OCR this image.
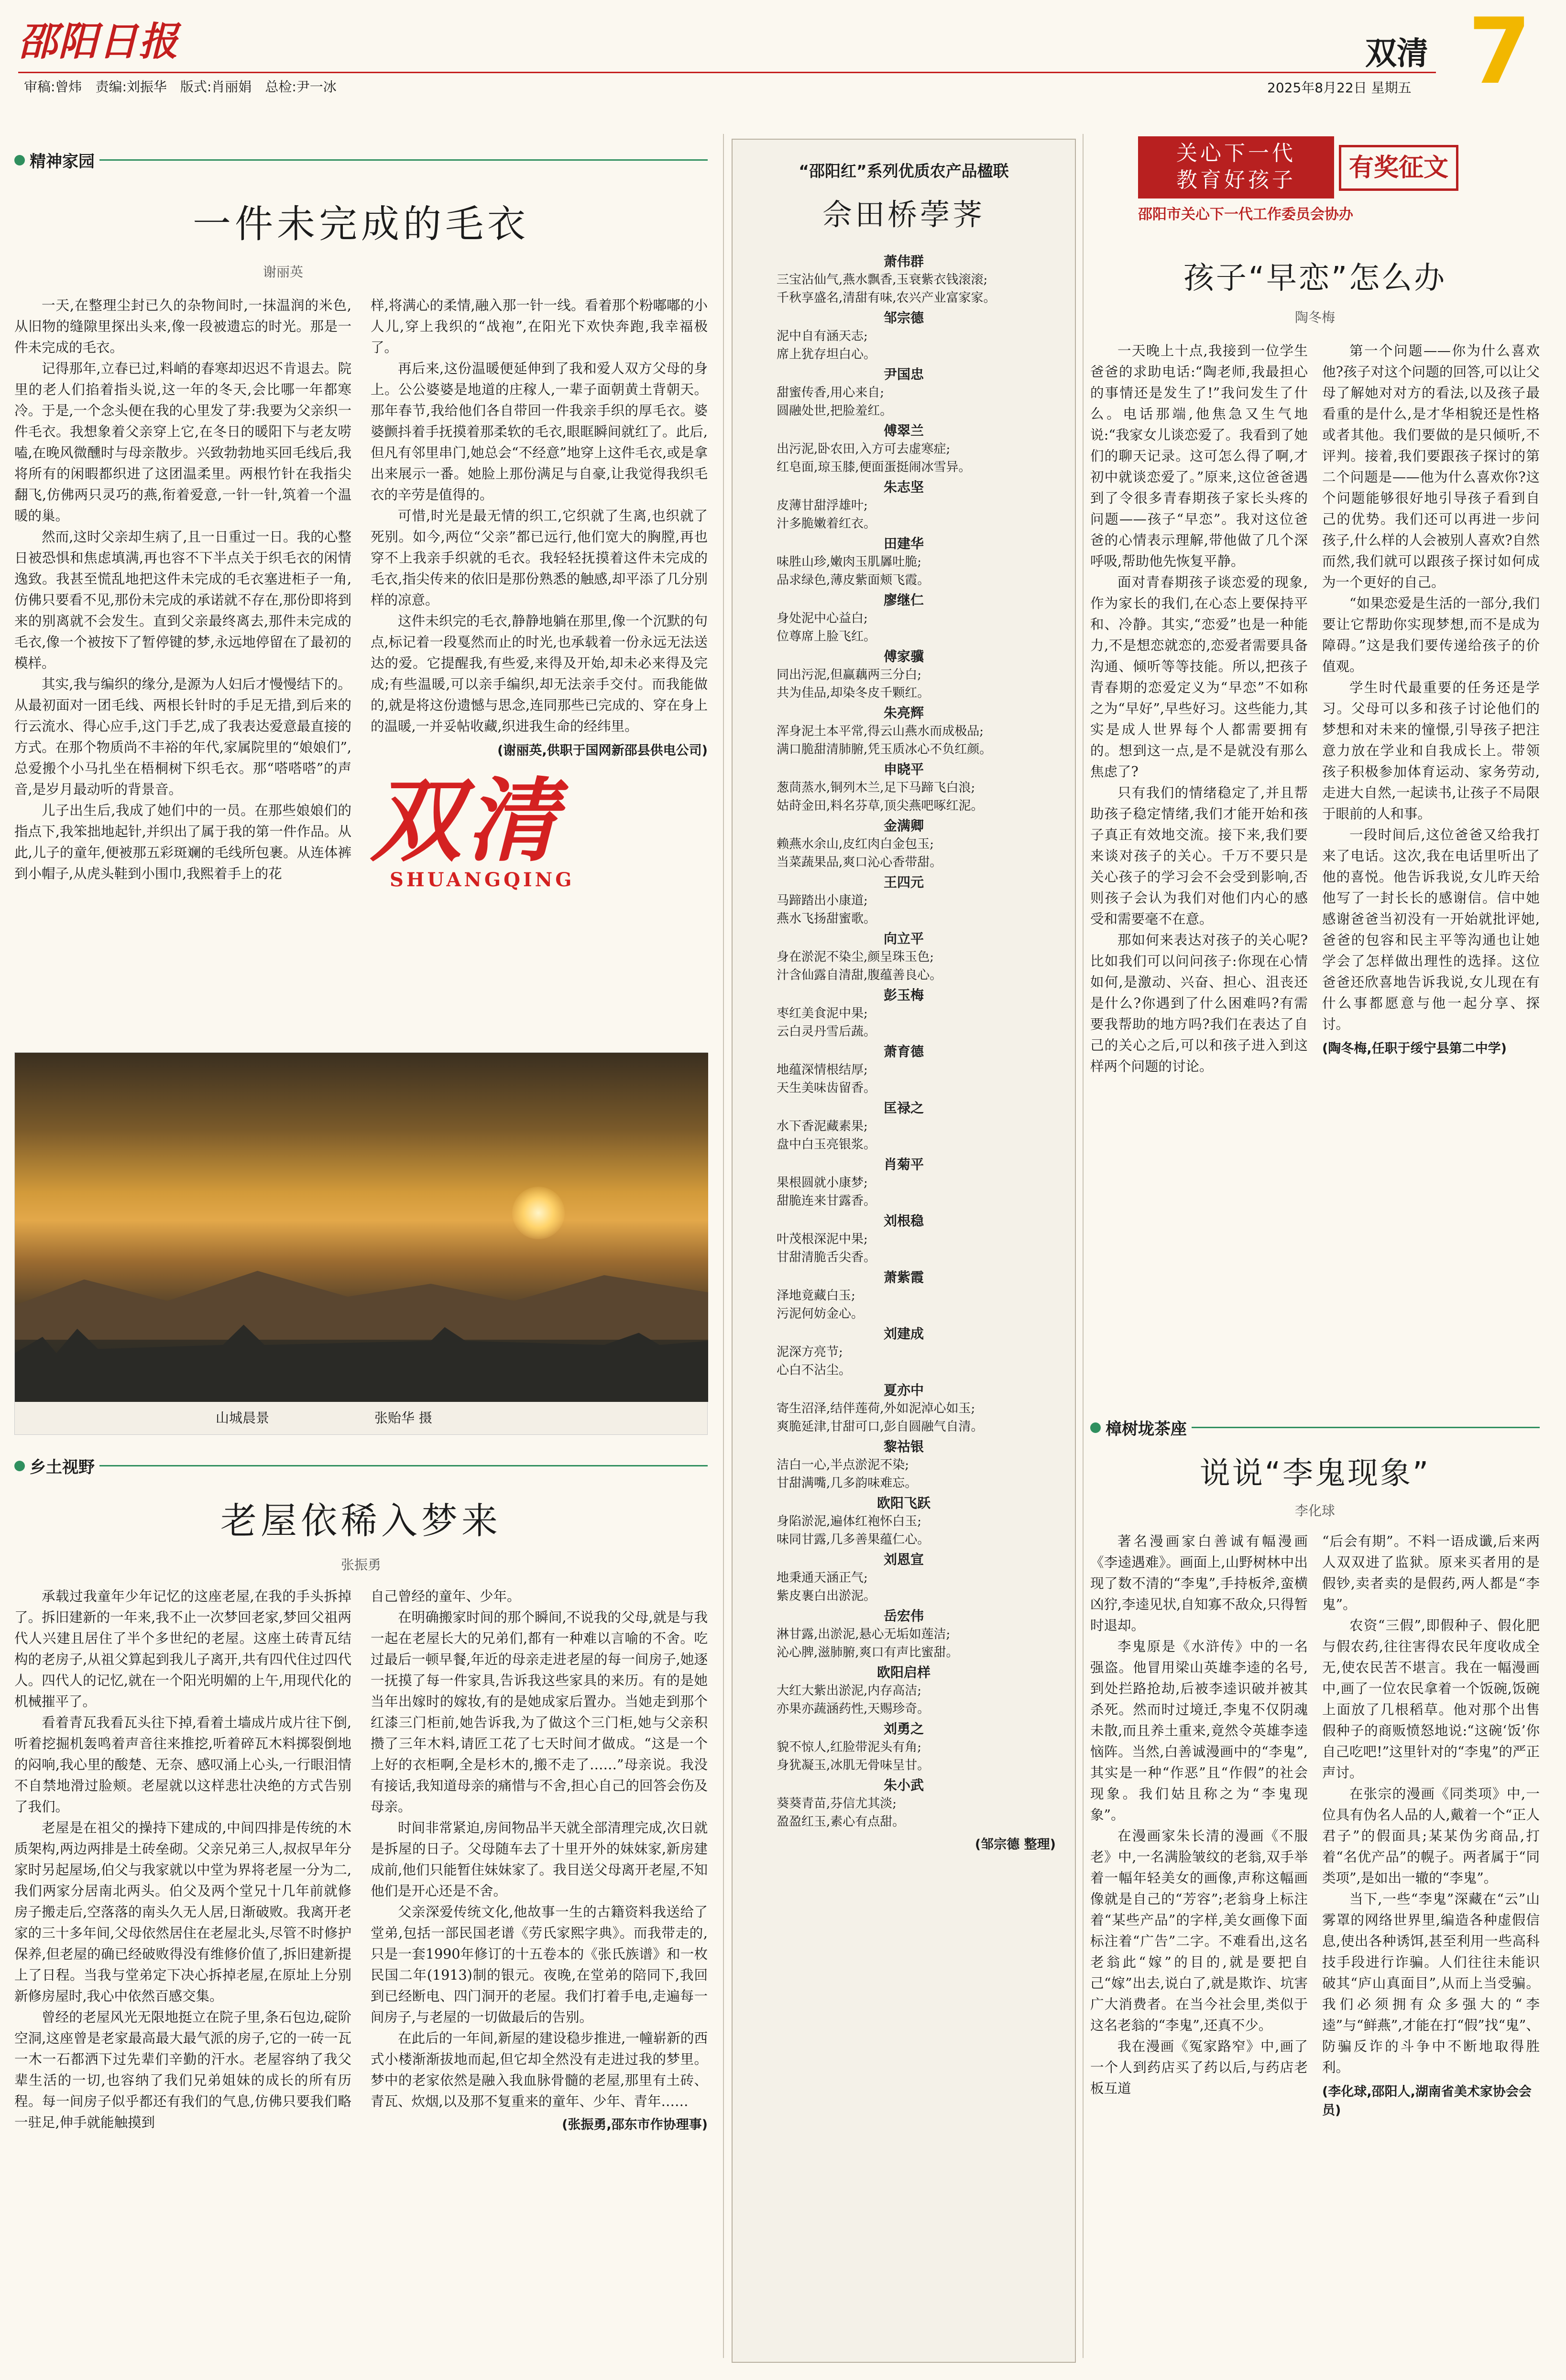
邵阳日报
审稿:曾炜 责编:刘振华 版式:肖丽娟 总检:尹一冰
双清
2025年8月22日 星期五 7
精神家园
一件未完成的毛衣
谢丽英

一天,在整理尘封已久的杂物间时,一抹温润的米色,从旧物的缝隙里探出头来,像一段被遗忘的时光。那是一件未完成的毛衣。

记得那年,立春已过,料峭的春寒却迟迟不肯退去。院里的老人们掐着指头说,这一年的冬天,会比哪一年都寒冷。于是,一个念头便在我的心里发了芽:我要为父亲织一件毛衣。我想象着父亲穿上它,在冬日的暖阳下与老友唠嗑,在晚风微醺时与母亲散步。兴致勃勃地买回毛线后,我将所有的闲暇都织进了这团温柔里。两根竹针在我指尖翻飞,仿佛两只灵巧的燕,衔着爱意,一针一针,筑着一个温暖的巢。

然而,这时父亲却生病了,且一日重过一日。我的心整日被恐惧和焦虑填满,再也容不下半点关于织毛衣的闲情逸致。我甚至慌乱地把这件未完成的毛衣塞进柜子一角,仿佛只要看不见,那份未完成的承诺就不存在,那份即将到来的别离就不会发生。直到父亲最终离去,那件未完成的毛衣,像一个被按下了暂停键的梦,永远地停留在了最初的模样。

其实,我与编织的缘分,是源为人妇后才慢慢结下的。从最初面对一团毛线、两根长针时的手足无措,到后来的行云流水、得心应手,这门手艺,成了我表达爱意最直接的方式。在那个物质尚不丰裕的年代,家属院里的“娘娘们”,总爱搬个小马扎坐在梧桐树下织毛衣。那“嗒嗒嗒”的声音,是岁月最动听的背景音。

儿子出生后,我成了她们中的一员。在那些娘娘们的指点下,我笨拙地起针,并织出了属于我的第一件作品。从此,儿子的童年,便被那五彩斑斓的毛线所包裹。从连体裤到小帽子,从虎头鞋到小围巾,我熙着手上的花

样,将满心的柔情,融入那一针一线。看着那个粉嘟嘟的小人儿,穿上我织的“战袍”,在阳光下欢快奔跑,我幸福极了。

再后来,这份温暖便延伸到了我和爱人双方父母的身上。公公婆婆是地道的庄稼人,一辈子面朝黄土背朝天。那年春节,我给他们各自带回一件我亲手织的厚毛衣。婆婆颤抖着手抚摸着那柔软的毛衣,眼眶瞬间就红了。此后,但凡有邻里串门,她总会“不经意”地穿上这件毛衣,或是拿出来展示一番。她脸上那份满足与自豪,让我觉得我织毛衣的辛劳是值得的。

可惜,时光是最无情的织工,它织就了生离,也织就了死别。如今,两位“父亲”都已远行,他们宽大的胸膛,再也穿不上我亲手织就的毛衣。我轻轻抚摸着这件未完成的毛衣,指尖传来的依旧是那份熟悉的触感,却平添了几分别样的凉意。

这件未织完的毛衣,静静地躺在那里,像一个沉默的句点,标记着一段戛然而止的时光,也承载着一份永远无法送达的爱。它提醒我,有些爱,来得及开始,却未必来得及完成;有些温暖,可以亲手编织,却无法亲手交付。而我能做的,就是将这份遗憾与思念,连同那些已完成的、穿在身上的温暖,一并妥帖收藏,织进我生命的经纬里。

(谢丽英,供职于国网新邵县供电公司)
双清
SHUANGQING
山城晨景	张贻华 摄
乡土视野
老屋依稀入梦来
张振勇

承载过我童年少年记忆的这座老屋,在我的手头拆掉了。拆旧建新的一年来,我不止一次梦回老家,梦回父祖两代人兴建且居住了半个多世纪的老屋。这座土砖青瓦结构的老房子,从祖父算起到我儿子离开,共有四代住过四代人。四代人的记忆,就在一个阳光明媚的上午,用现代化的机械摧平了。

看着青瓦我看瓦头往下掉,看着土墙成片成片往下倒,听着挖掘机轰鸣着声音往来推挖,听着碎瓦木料掷裂倒地的闷响,我心里的酸楚、无奈、感叹涌上心头,一行眼泪情不自禁地滑过脸颊。老屋就以这样悲壮决绝的方式告别了我们。

老屋是在祖父的操持下建成的,中间四排是传统的木质架构,两边两排是土砖垒砌。父亲兄弟三人,叔叔早年分家时另起屋场,伯父与我家就以中堂为界将老屋一分为二,我们两家分居南北两头。伯父及两个堂兄十几年前就修房子搬走后,空落落的南头久无人居,日渐破败。我离开老家的三十多年间,父母依然居住在老屋北头,尽管不时修护保养,但老屋的确已经破败得没有维修价值了,拆旧建新提上了日程。当我与堂弟定下决心拆掉老屋,在原址上分别新修房屋时,我心中依然百感交集。

曾经的老屋风光无限地挺立在院子里,条石包边,碇阶空洞,这座曾是老家最高最大最气派的房子,它的一砖一瓦一木一石都洒下过先辈们辛勤的汗水。老屋容纳了我父辈生活的一切,也容纳了我们兄弟姐妹的成长的所有历程。每一间房子似乎都还有我们的气息,仿佛只要我们略一驻足,伸手就能触摸到

自己曾经的童年、少年。

在明确搬家时间的那个瞬间,不说我的父母,就是与我一起在老屋长大的兄弟们,都有一种难以言喻的不舍。吃过最后一顿早餐,年近的母亲走进老屋的每一间房子,她逐一抚摸了每一件家具,告诉我这些家具的来历。有的是她当年出嫁时的嫁妆,有的是她成家后置办。当她走到那个红漆三门柜前,她告诉我,为了做这个三门柜,她与父亲积攒了三年木料,请匠工花了七天时间才做成。“这是一个上好的衣柜啊,全是杉木的,搬不走了……”母亲说。我没有接话,我知道母亲的痛惜与不舍,担心自己的回答会伤及母亲。

时间非常紧迫,房间物品半天就全部清理完成,次日就是拆屋的日子。父母随车去了十里开外的妹妹家,新房建成前,他们只能暂住妹妹家了。我目送父母离开老屋,不知他们是开心还是不舍。

父亲深爱传统文化,他故事一生的古籍资料我送给了堂弟,包括一部民国老谱《劳氏家熙字典》。而我带走的,只是一套1990年修订的十五卷本的《张氏族谱》和一枚民国二年(1913)制的银元。夜晚,在堂弟的陪同下,我回到已经断电、四门洞开的老屋。我们打着手电,走遍每一间房子,与老屋的一切做最后的告别。

在此后的一年间,新屋的建设稳步推进,一幢崭新的西式小楼渐渐拔地而起,但它却全然没有走进过我的梦里。梦中的老家依然是融入我血脉骨髓的老屋,那里有土砖、青瓦、炊烟,以及那不复重来的童年、少年、青年……

(张振勇,邵东市作协理事)
“邵阳红”系列优质农产品楹联
佘田桥荸荠
萧伟群
三宝沾仙气,燕水飘香,玉衰紫衣钱滚滚;
千秋享盛名,清甜有味,农兴产业富家家。
邹宗德
泥中自有涵天志;
席上犹存坦白心。
尹国忠
甜蜜传香,用心来自;
圆融处世,把脸羞红。
傅翠兰
出污泥,卧农田,入方可去虚寒症;
红皂面,琼玉膝,便面蛋挺闹冰雪异。
朱志坚
皮薄甘甜浮雄叶;
汁多脆嫩着红衣。
田建华
味胜山珍,嫩肉玉肌羼吐脆;
品求绿色,薄皮紫面颊飞霞。
廖继仁
身处泥中心益白;
位尊席上脸飞红。
傅家骥
同出污泥,但赢藕两三分白;
共为佳品,却染冬皮千颗红。
朱亮辉
浑身泥土本平常,得云山燕水而成极品;
满口脆甜清肺腑,凭玉质冰心不负红颜。
申晓平
葱茼蒸水,铜列木兰,足下马蹄飞白浪;
姑莳金田,料名芬草,顶尖燕吧啄红泥。
金满卿
赖燕水余山,皮红肉白金包玉;
当菜蔬果品,爽口沁心香带甜。
王四元
马蹄踏出小康道;
燕水飞扬甜蜜歌。
向立平
身在淤泥不染尘,颜呈珠玉色;
汁含仙露自清甜,腹蕴善良心。
彭玉梅
枣红美食泥中果;
云白灵丹雪后蔬。
萧育德
地蕴深情根结厚;
天生美味齿留香。
匡禄之
水下香泥藏素果;
盘中白玉亮银浆。
肖菊平
果根圆就小康梦;
甜脆连来甘露香。
刘根稳
叶茂根深泥中果;
甘甜清脆舌尖香。
萧紫霞
泽地竟藏白玉;
污泥何妨金心。
刘建成
泥深方亮节;
心白不沾尘。
夏亦中
寄生沼泽,结伴莲荷,外如泥淖心如玉;
爽脆延津,甘甜可口,彭自圆融气自清。
黎祜银
洁白一心,半点淤泥不染;
甘甜满嘴,几多韵味难忘。
欧阳飞跃
身陷淤泥,遍体红袍怀白玉;
味同甘露,几多善果蕴仁心。
刘恩宣
地秉通天涵正气;
紫皮裹白出淤泥。
岳宏伟
淋甘露,出淤泥,悬心无垢如莲洁;
沁心脾,滋肺腑,爽口有声比蜜甜。
欧阳启样
大红大紫出淤泥,内存高洁;
亦果亦蔬涵药性,天赐珍奇。
刘勇之
貌不惊人,红脸带泥头有角;
身犹凝玉,冰肌无骨味呈甘。
朱小武
葵葵青苗,芬信尤其淡;
盈盈红玉,素心有点甜。
(邹宗德 整理)
关心下一代
教育好孩子	有奖征文
邵阳市关心下一代工作委员会协办
孩子“早恋”怎么办
陶冬梅

一天晚上十点,我接到一位学生爸爸的求助电话:“陶老师,我最担心的事情还是发生了!”我问发生了什么。电话那端,他焦急又生气地说:“我家女儿谈恋爱了。我看到了她们的聊天记录。这可怎么得了啊,才初中就谈恋爱了。”原来,这位爸爸遇到了令很多青春期孩子家长头疼的问题——孩子“早恋”。我对这位爸爸的心情表示理解,带他做了几个深呼吸,帮助他先恢复平静。

面对青春期孩子谈恋爱的现象,作为家长的我们,在心态上要保持平和、冷静。其实,“恋爱”也是一种能力,不是想恋就恋的,恋爱者需要具备沟通、倾听等等技能。所以,把孩子青春期的恋爱定义为“早恋”不如称之为“早好”,早些好习。这些能力,其实是成人世界每个人都需要拥有的。想到这一点,是不是就没有那么焦虑了?

只有我们的情绪稳定了,并且帮助孩子稳定情绪,我们才能开始和孩子真正有效地交流。接下来,我们要来谈对孩子的关心。千万不要只是关心孩子的学习会不会受到影响,否则孩子会认为我们对他们内心的感受和需要毫不在意。

那如何来表达对孩子的关心呢?比如我们可以问问孩子:你现在心情如何,是激动、兴奋、担心、沮丧还是什么?你遇到了什么困难吗?有需要我帮助的地方吗?我们在表达了自己的关心之后,可以和孩子进入到这样两个问题的讨论。

第一个问题——你为什么喜欢他?孩子对这个问题的回答,可以让父母了解她对对方的看法,以及孩子最看重的是什么,是才华相貌还是性格或者其他。我们要做的是只倾听,不评判。接着,我们要跟孩子探讨的第二个问题是——他为什么喜欢你?这个问题能够很好地引导孩子看到自己的优势。我们还可以再进一步问孩子,什么样的人会被别人喜欢?自然而然,我们就可以跟孩子探讨如何成为一个更好的自己。

“如果恋爱是生活的一部分,我们要让它帮助你实现梦想,而不是成为障碍。”这是我们要传递给孩子的价值观。

学生时代最重要的任务还是学习。父母可以多和孩子讨论他们的梦想和对未来的憧憬,引导孩子把注意力放在学业和自我成长上。带领孩子积极参加体育运动、家务劳动,走进大自然,一起读书,让孩子不局限于眼前的人和事。

一段时间后,这位爸爸又给我打来了电话。这次,我在电话里听出了他的喜悦。他告诉我说,女儿昨天给他写了一封长长的感谢信。信中她感谢爸爸当初没有一开始就批评她,爸爸的包容和民主平等沟通也让她学会了怎样做出理性的选择。这位爸爸还欣喜地告诉我说,女儿现在有什么事都愿意与他一起分享、探讨。

(陶冬梅,任职于绥宁县第二中学)
樟树垅茶座
说说“李鬼现象”
李化球

著名漫画家白善诚有幅漫画《李逵遇难》。画面上,山野树林中出现了数不清的“李鬼”,手持板斧,蛮横凶狞,李逵见状,自知寡不敌众,只得暂时退却。

李鬼原是《水浒传》中的一名强盗。他冒用梁山英雄李逵的名号,到处拦路抢劫,后被李逵识破并被其杀死。然而时过境迁,李鬼不仅阴魂未散,而且养土重来,竟然令英雄李逵恼阵。当然,白善诚漫画中的“李鬼”,其实是一种“作恶”且“作假”的社会现象。我们姑且称之为“李鬼现象”。

在漫画家朱长清的漫画《不服老》中,一名满脸皱纹的老翁,双手举着一幅年轻美女的画像,声称这幅画像就是自己的“芳容”;老翁身上标注着“某些产品”的字样,美女画像下面标注着“广告”二字。不难看出,这名老翁此“嫁”的目的,就是要把自己“嫁”出去,说白了,就是欺诈、坑害广大消费者。在当今社会里,类似于这名老翁的“李鬼”,还真不少。

我在漫画《冤家路窄》中,画了一个人到药店买了药以后,与药店老板互道

“后会有期”。不料一语成谶,后来两人双双进了监狱。原来买者用的是假钞,卖者卖的是假药,两人都是“李鬼”。

农资“三假”,即假种子、假化肥与假农药,往往害得农民年度收成全无,使农民苦不堪言。我在一幅漫画中,画了一位农民拿着一个饭碗,饭碗上面放了几根稻草。他对那个出售假种子的商贩愤怒地说:“这碗‘饭’你自己吃吧!”这里针对的“李鬼”的严正声讨。

在张宗的漫画《同类项》中,一位具有伪名人品的人,戴着一个“正人君子”的假面具;某某伪劣商品,打着“名优产品”的幌子。两者属于“同类项”,是如出一辙的“李鬼”。

当下,一些“李鬼”深藏在“云”山雾罩的网络世界里,编造各种虚假信息,使出各种诱饵,甚至利用一些高科技手段进行诈骗。人们往往未能识破其“庐山真面目”,从而上当受骗。我们必须拥有众多强大的“李逵”与“鲜燕”,才能在打“假”找“鬼”、防骗反诈的斗争中不断地取得胜利。

(李化球,邵阳人,湖南省美术家协会会员)
